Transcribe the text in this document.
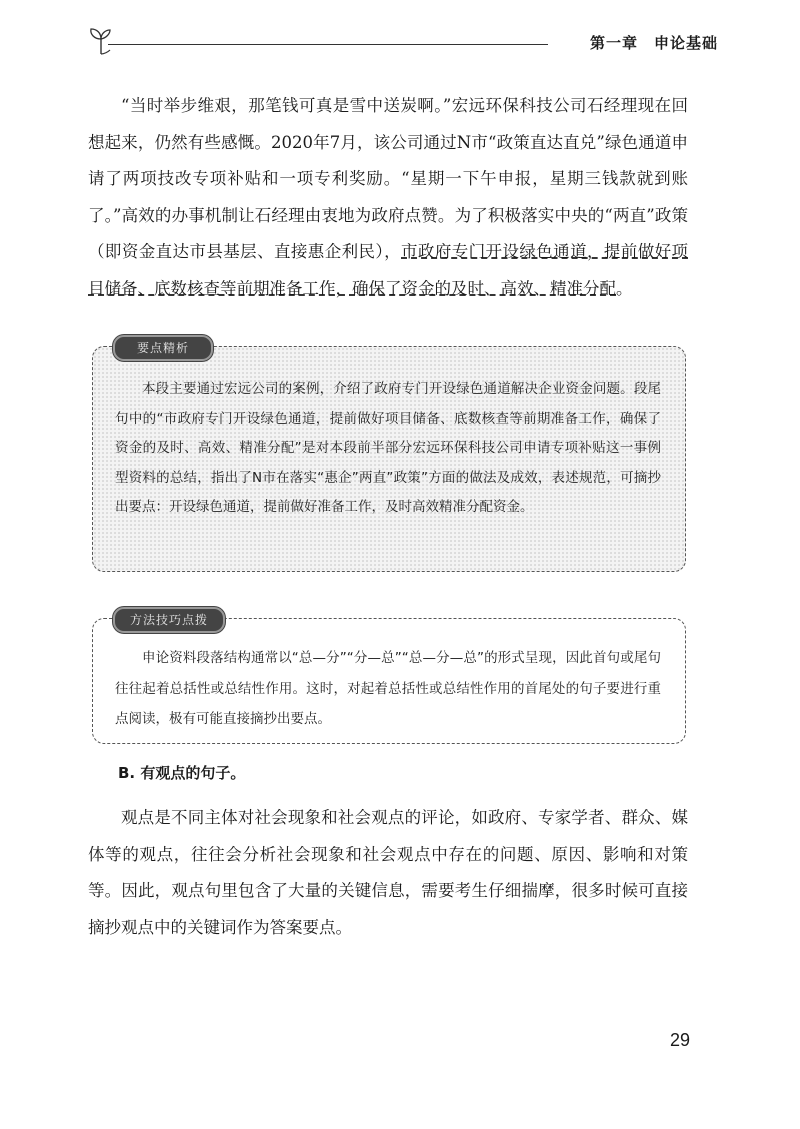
第一章　申论基础

“当时举步维艰，那笔钱可真是雪中送炭啊。”宏远环保科技公司石经理现在回想起来，仍然有些感慨。2020年7月，该公司通过N市“政策直达直兑”绿色通道申请了两项技改专项补贴和一项专利奖励。“星期一下午申报，星期三钱款就到账了。”高效的办事机制让石经理由衷地为政府点赞。为了积极落实中央的“两直”政策（即资金直达市县基层、直接惠企利民），市政府专门开设绿色通道，提前做好项目储备、底数核查等前期准备工作，确保了资金的及时、高效、精准分配。

要点精析

本段主要通过宏远公司的案例，介绍了政府专门开设绿色通道解决企业资金问题。段尾句中的“市政府专门开设绿色通道，提前做好项目储备、底数核查等前期准备工作，确保了资金的及时、高效、精准分配”是对本段前半部分宏远环保科技公司申请专项补贴这一事例型资料的总结，指出了N市在落实“惠企”两直”政策”方面的做法及成效，表述规范，可摘抄出要点：开设绿色通道，提前做好准备工作，及时高效精准分配资金。

方法技巧点拨

申论资料段落结构通常以“总—分”“分—总”“总—分—总”的形式呈现，因此首句或尾句往往起着总括性或总结性作用。这时，对起着总括性或总结性作用的首尾处的句子要进行重点阅读，极有可能直接摘抄出要点。

B. 有观点的句子。

观点是不同主体对社会现象和社会观点的评论，如政府、专家学者、群众、媒体等的观点，往往会分析社会现象和社会观点中存在的问题、原因、影响和对策等。因此，观点句里包含了大量的关键信息，需要考生仔细揣摩，很多时候可直接摘抄观点中的关键词作为答案要点。

29
